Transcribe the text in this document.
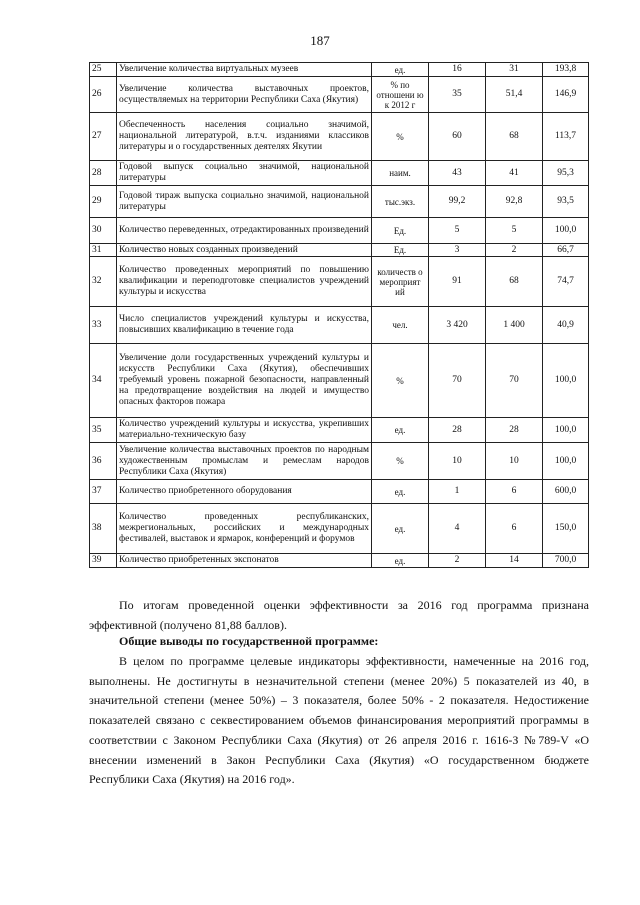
187
25	Увеличение количества виртуальных музеев	ед.	16	31	193,8
26	Увеличение количества выставочных проектов, осуществляемых на территории Республики Саха (Якутия)	% по отношени ю к 2012 г	35	51,4	146,9
27	Обеспеченность населения социально значимой, национальной литературой, в.т.ч. изданиями классиков литературы и о государственных деятелях Якутии	%	60	68	113,7
28	Годовой выпуск социально значимой, национальной литературы	наим.	43	41	95,3
29	Годовой тираж выпуска социально значимой, национальной литературы	тыс.экз.	99,2	92,8	93,5
30	Количество переведенных, отредактированных произведений	Ед.	5	5	100,0
31	Количество новых созданных произведений	Ед.	3	2	66,7
32	Количество проведенных мероприятий по повышению квалификации и переподготовке специалистов учреждений культуры и искусства	количеств о мероприят ий	91	68	74,7
33	Число специалистов учреждений культуры и искусства, повысивших квалификацию в течение года	чел.	3 420	1 400	40,9
34	Увеличение доли государственных учреждений культуры и искусств Республики Саха (Якутия), обеспечивших требуемый уровень пожарной безопасности, направленный на предотвращение воздействия на людей и имущество опасных факторов пожара	%	70	70	100,0
35	Количество учреждений культуры и искусства, укрепивших материально-техническую базу	ед.	28	28	100,0
36	Увеличение количества выставочных проектов по народным художественным промыслам и ремеслам народов Республики Саха (Якутия)	%	10	10	100,0
37	Количество приобретенного оборудования	ед.	1	6	600,0
38	Количество проведенных республиканских, межрегиональных, российских и международных фестивалей, выставок и ярмарок, конференций и форумов	ед.	4	6	150,0
39	Количество приобретенных экспонатов	ед.	2	14	700,0
По итогам проведенной оценки эффективности за 2016 год программа признана эффективной (получено 81,88 баллов).
Общие выводы по государственной программе:
В целом по программе целевые индикаторы эффективности, намеченные на 2016 год, выполнены. Не достигнуты в незначительной степени (менее 20%) 5 показателей из 40, в значительной степени (менее 50%) – 3 показателя, более 50% - 2 показателя. Недостижение показателей связано с секвестированием объемов финансирования мероприятий программы в соответствии с Законом Республики Саха (Якутия) от 26 апреля 2016 г. 1616-З №789-V «О внесении изменений в Закон Республики Саха (Якутия) «О государственном бюджете Республики Саха (Якутия) на 2016 год».
